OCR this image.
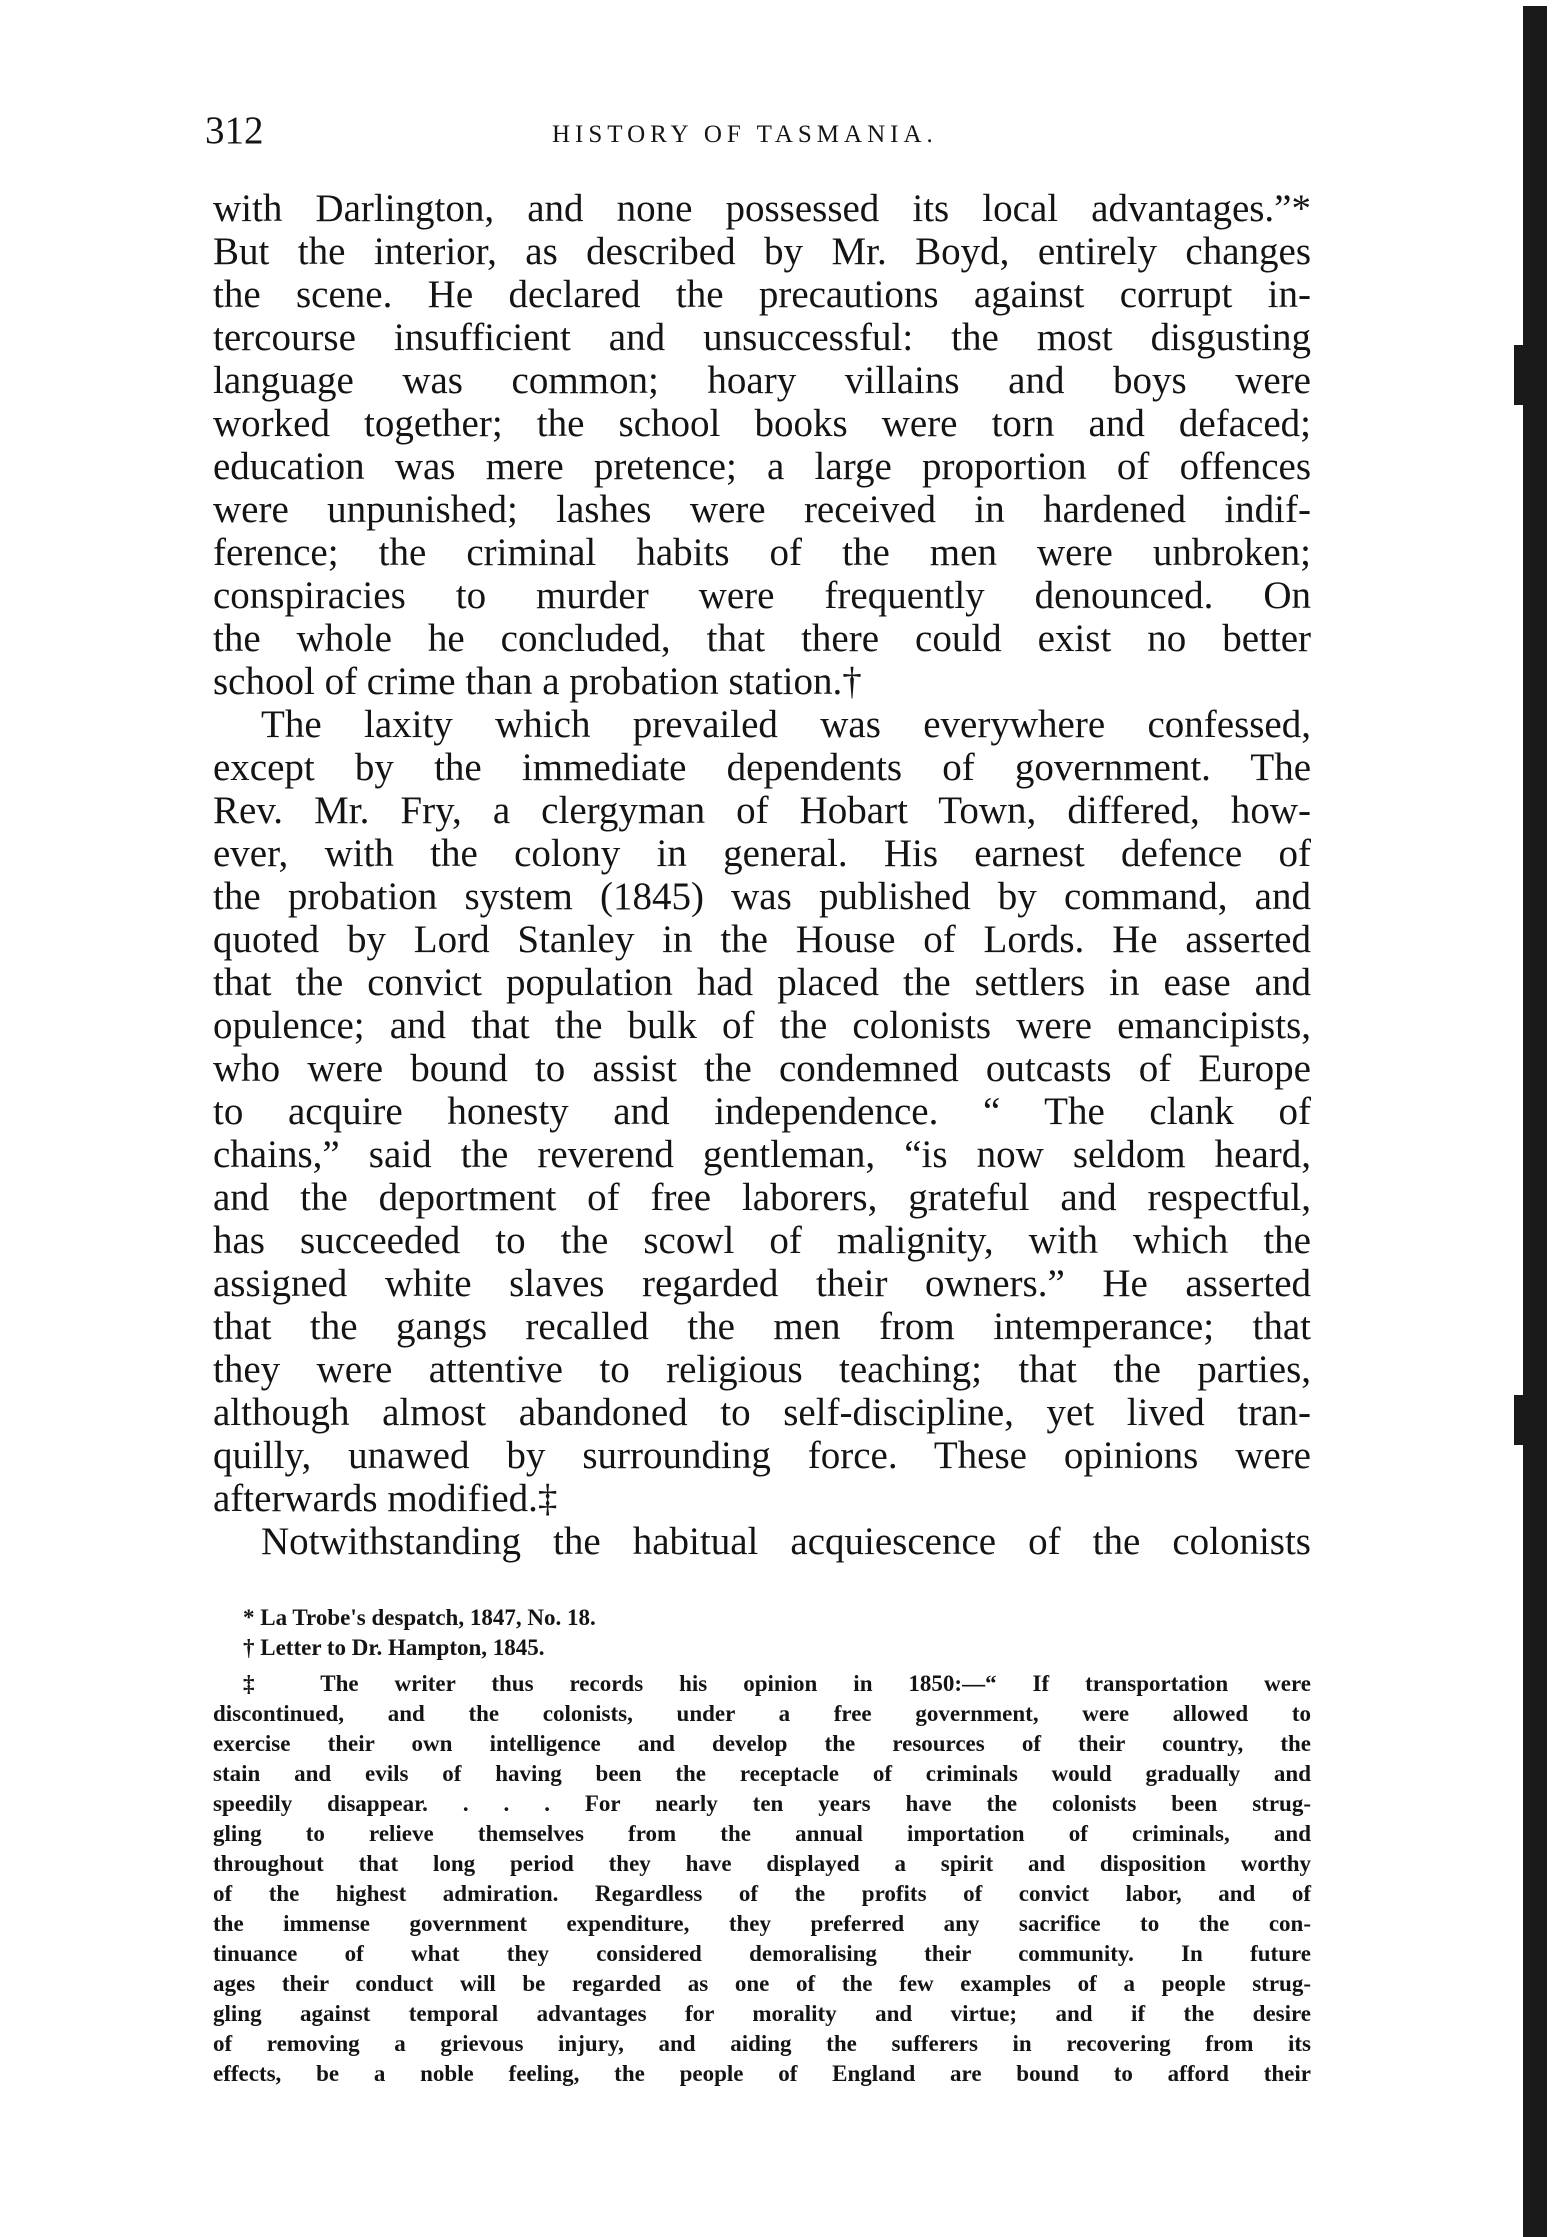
312	HISTORY OF TASMANIA.
with Darlington, and none possessed its local advantages.”*
But the interior, as described by Mr. Boyd, entirely changes
the scene. He declared the precautions against corrupt in-
tercourse insufficient and unsuccessful: the most disgusting
language was common; hoary villains and boys were
worked together; the school books were torn and defaced;
education was mere pretence; a large proportion of offences
were unpunished; lashes were received in hardened indif-
ference; the criminal habits of the men were unbroken;
conspiracies to murder were frequently denounced. On
the whole he concluded, that there could exist no better
school of crime than a probation station.†
The laxity which prevailed was everywhere confessed,
except by the immediate dependents of government. The
Rev. Mr. Fry, a clergyman of Hobart Town, differed, how-
ever, with the colony in general. His earnest defence of
the probation system (1845) was published by command, and
quoted by Lord Stanley in the House of Lords. He asserted
that the convict population had placed the settlers in ease and
opulence; and that the bulk of the colonists were emancipists,
who were bound to assist the condemned outcasts of Europe
to acquire honesty and independence. “ The clank of
chains,” said the reverend gentleman, “is now seldom heard,
and the deportment of free laborers, grateful and respectful,
has succeeded to the scowl of malignity, with which the
assigned white slaves regarded their owners.” He asserted
that the gangs recalled the men from intemperance; that
they were attentive to religious teaching; that the parties,
although almost abandoned to self-discipline, yet lived tran-
quilly, unawed by surrounding force. These opinions were
afterwards modified.‡
Notwithstanding the habitual acquiescence of the colonists
* La Trobe's despatch, 1847, No. 18.
† Letter to Dr. Hampton, 1845.
‡ The writer thus records his opinion in 1850:—“ If transportation were
discontinued, and the colonists, under a free government, were allowed to
exercise their own intelligence and develop the resources of their country, the
stain and evils of having been the receptacle of criminals would gradually and
speedily disappear. . . . For nearly ten years have the colonists been strug-
gling to relieve themselves from the annual importation of criminals, and
throughout that long period they have displayed a spirit and disposition worthy
of the highest admiration. Regardless of the profits of convict labor, and of
the immense government expenditure, they preferred any sacrifice to the con-
tinuance of what they considered demoralising their community. In future
ages their conduct will be regarded as one of the few examples of a people strug-
gling against temporal advantages for morality and virtue; and if the desire
of removing a grievous injury, and aiding the sufferers in recovering from its
effects, be a noble feeling, the people of England are bound to afford their
